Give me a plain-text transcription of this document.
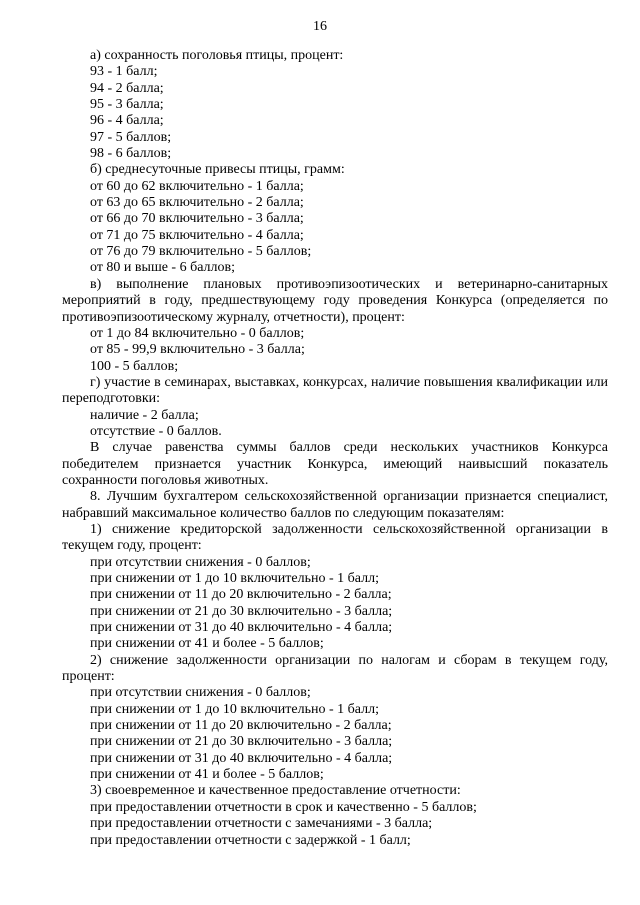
16
а) сохранность поголовья птицы, процент:
93 - 1 балл;
94 - 2 балла;
95 - 3 балла;
96 - 4 балла;
97 - 5 баллов;
98 - 6 баллов;
б) среднесуточные привесы птицы, грамм:
от 60 до 62 включительно - 1 балла;
от 63 до 65 включительно - 2 балла;
от 66 до 70 включительно - 3 балла;
от 71 до 75 включительно - 4 балла;
от 76 до 79 включительно - 5 баллов;
от 80 и выше - 6 баллов;
в) выполнение плановых противоэпизоотических и ветеринарно-санитарных
мероприятий в году, предшествующему году проведения Конкурса (определяется по
противоэпизоотическому журналу, отчетности), процент:
от 1 до 84 включительно - 0 баллов;
от 85 - 99,9 включительно - 3 балла;
100 - 5 баллов;
г) участие в семинарах, выставках, конкурсах, наличие повышения квалификации или
переподготовки:
наличие - 2 балла;
отсутствие - 0 баллов.
В случае равенства суммы баллов среди нескольких участников Конкурса
победителем признается участник Конкурса, имеющий наивысший показатель
сохранности поголовья животных.
8. Лучшим бухгалтером сельскохозяйственной организации признается специалист,
набравший максимальное количество баллов по следующим показателям:
1) снижение кредиторской задолженности сельскохозяйственной организации в
текущем году, процент:
при отсутствии снижения - 0 баллов;
при снижении от 1 до 10 включительно - 1 балл;
при снижении от 11 до 20 включительно - 2 балла;
при снижении от 21 до 30 включительно - 3 балла;
при снижении от 31 до 40 включительно - 4 балла;
при снижении от 41 и более - 5 баллов;
2) снижение задолженности организации по налогам и сборам в текущем году,
процент:
при отсутствии снижения - 0 баллов;
при снижении от 1 до 10 включительно - 1 балл;
при снижении от 11 до 20 включительно - 2 балла;
при снижении от 21 до 30 включительно - 3 балла;
при снижении от 31 до 40 включительно - 4 балла;
при снижении от 41 и более - 5 баллов;
3) своевременное и качественное предоставление отчетности:
при предоставлении отчетности в срок и качественно - 5 баллов;
при предоставлении отчетности с замечаниями - 3 балла;
при предоставлении отчетности с задержкой - 1 балл;
